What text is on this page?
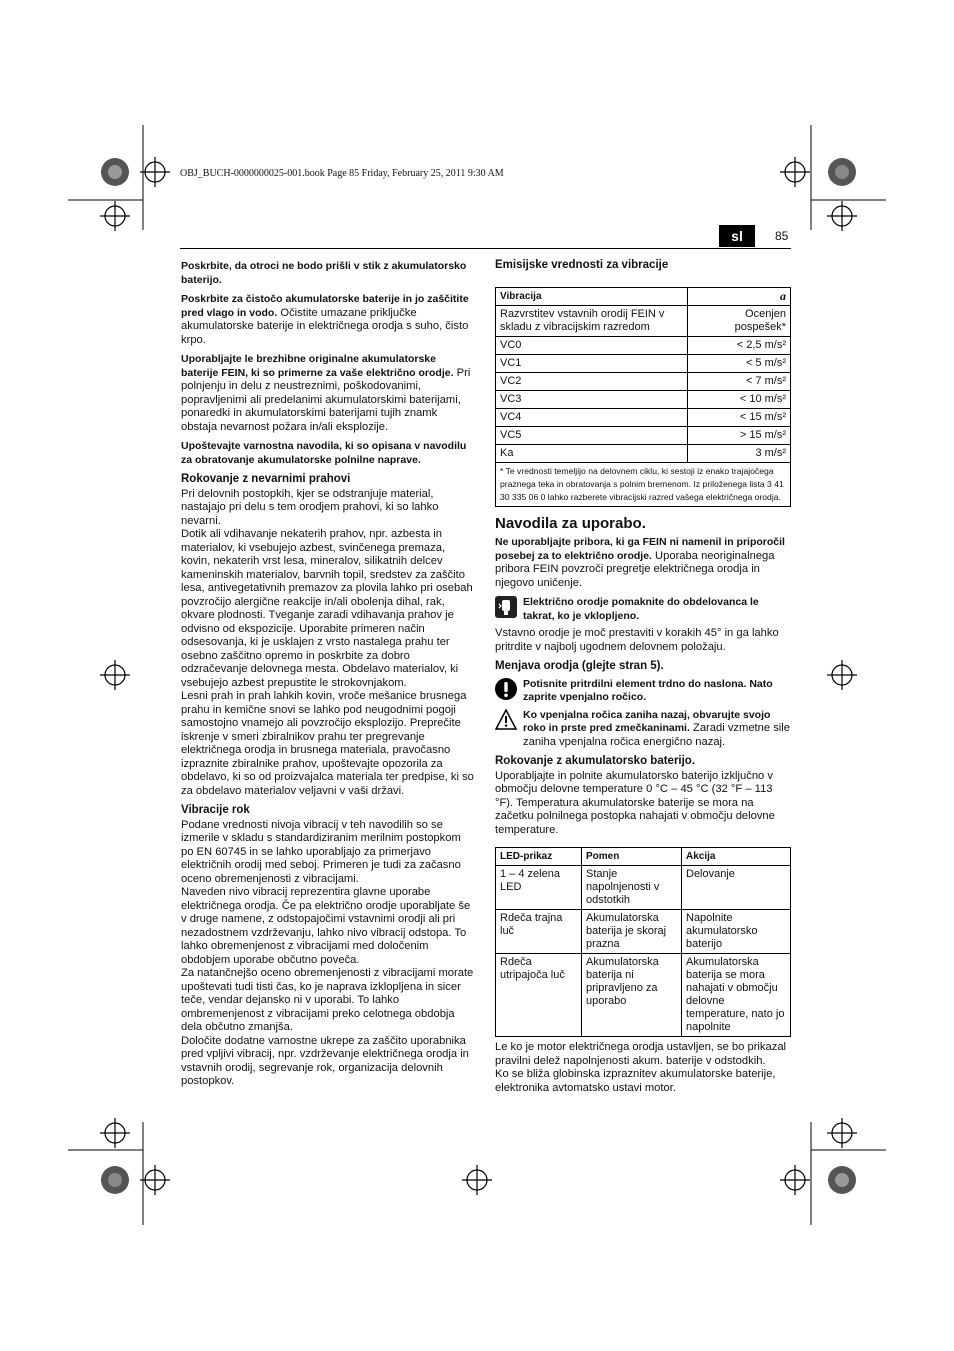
OBJ_BUCH-0000000025-001.book Page 85 Friday, February 25, 2011 9:30 AM
sl	85

Poskrbite, da otroci ne bodo prišli v stik z akumulatorsko baterijo.

Poskrbite za čistočo akumulatorske baterije in jo zaščitite pred vlago in vodo. Očistite umazane priključke akumulatorske baterije in električnega orodja s suho, čisto krpo.

Uporabljajte le brezhibne originalne akumulatorske baterije FEIN, ki so primerne za vaše električno orodje. Pri polnjenju in delu z neustreznimi, poškodovanimi, popravljenimi ali predelanimi akumulatorskimi baterijami, ponaredki in akumulatorskimi baterijami tujih znamk obstaja nevarnost požara in/ali eksplozije.

Upoštevajte varnostna navodila, ki so opisana v navodilu za obratovanje akumulatorske polnilne naprave.

Rokovanje z nevarnimi prahovi
Pri delovnih postopkih, kjer se odstranjuje material, nastajajo pri delu s tem orodjem prahovi, ki so lahko nevarni.
Dotik ali vdihavanje nekaterih prahov, npr. azbesta in materialov, ki vsebujejo azbest, svinčenega premaza, kovin, nekaterih vrst lesa, mineralov, silikatnih delcev kameninskih materialov, barvnih topil, sredstev za zaščito lesa, antivegetativnih premazov za plovila lahko pri osebah povzročijo alergične reakcije in/ali obolenja dihal, rak, okvare plodnosti. Tveganje zaradi vdihavanja prahov je odvisno od ekspozicije. Uporabite primeren način odsesovanja, ki je usklajen z vrsto nastalega prahu ter osebno zaščitno opremo in poskrbite za dobro odzračevanje delovnega mesta. Obdelavo materialov, ki vsebujejo azbest prepustite le strokovnjakom.
Lesni prah in prah lahkih kovin, vroče mešanice brusnega prahu in kemične snovi se lahko pod neugodnimi pogoji samostojno vnamejo ali povzročijo eksplozijo. Preprečite iskrenje v smeri zbiralnikov prahu ter pregrevanje električnega orodja in brusnega materiala, pravočasno izpraznite zbiralnike prahov, upoštevajte opozorila za obdelavo, ki so od proizvajalca materiala ter predpise, ki so za obdelavo materialov veljavni v vaši državi.
Vibracije rok
Podane vrednosti nivoja vibracij v teh navodilih so se izmerile v skladu s standardiziranim merilnim postopkom po EN 60745 in se lahko uporabljajo za primerjavo električnih orodij med seboj. Primeren je tudi za začasno oceno obremenjenosti z vibracijami.
Naveden nivo vibracij reprezentira glavne uporabe električnega orodja. Če pa električno orodje uporabljate še v druge namene, z odstopajočimi vstavnimi orodji ali pri nezadostnem vzdrževanju, lahko nivo vibracij odstopa. To lahko obremenjenost z vibracijami med določenim obdobjem uporabe občutno poveča.
Za natančnejšo oceno obremenjenosti z vibracijami morate upoštevati tudi tisti čas, ko je naprava izklopljena in sicer teče, vendar dejansko ni v uporabi. To lahko ombremenjenost z vibracijami preko celotnega obdobja dela občutno zmanjša.
Določite dodatne varnostne ukrepe za zaščito uporabnika pred vpljivi vibracij, npr. vzdrževanje električnega orodja in vstavnih orodij, segrevanje rok, organizacija delovnih postopkov.
Emisijske vrednosti za vibracije
Vibracija	a
Razvrstitev vstavnih orodij FEIN v skladu z vibracijskim razredom	Ocenjen pospešek*
VC0	< 2,5 m/s²
VC1	< 5 m/s²
VC2	< 7 m/s²
VC3	< 10 m/s²
VC4	< 15 m/s²
VC5	> 15 m/s²
Ka	3 m/s²
* Te vrednosti temeljijo na delovnem ciklu, ki sestoji iz enako trajajočega praznega teka in obratovanja s polnim bremenom. Iz priloženega lista 3 41 30 335 06 0 lahko razberete vibracijski razred vašega električnega orodja.	
Navodila za uporabo.

Ne uporabljajte pribora, ki ga FEIN ni namenil in priporočil posebej za to električno orodje. Uporaba neoriginalnega pribora FEIN povzroči pregretje električnega orodja in njegovo uničenje.

Električno orodje pomaknite do obdelovanca le takrat, ko je vklopljeno.

Vstavno orodje je moč prestaviti v korakih 45° in ga lahko pritrdite v najbolj ugodnem delovnem položaju.

Menjava orodja (glejte stran 5).
Potisnite pritrdilni element trdno do naslona. Nato zaprite vpenjalno ročico.
Ko vpenjalna ročica zaniha nazaj, obvarujte svojo roko in prste pred zmečkaninami. Zaradi vzmetne sile zaniha vpenjalna ročica energično nazaj.
Rokovanje z akumulatorsko baterijo.

Uporabljajte in polnite akumulatorsko baterijo izključno v območju delovne temperature 0 °C – 45 °C (32 °F – 113 °F). Temperatura akumulatorske baterije se mora na začetku polnilnega postopka nahajati v območju delovne temperature.

LED-prikaz	Pomen	Akcija
1 – 4 zelena LED	Stanje napolnjenosti v odstotkih	Delovanje
Rdeča trajna luč	Akumulatorska baterija je skoraj prazna	Napolnite akumulatorsko baterijo
Rdeča utripajoča luč	Akumulatorska baterija ni pripravljeno za uporabo	Akumulatorska baterija se mora nahajati v območju delovne temperature, nato jo napolnite
Le ko je motor električnega orodja ustavljen, se bo prikazal pravilni delež napolnjenosti akum. baterije v odstodkih.
Ko se bliža globinska izpraznitev akumulatorske baterije, elektronika avtomatsko ustavi motor.
